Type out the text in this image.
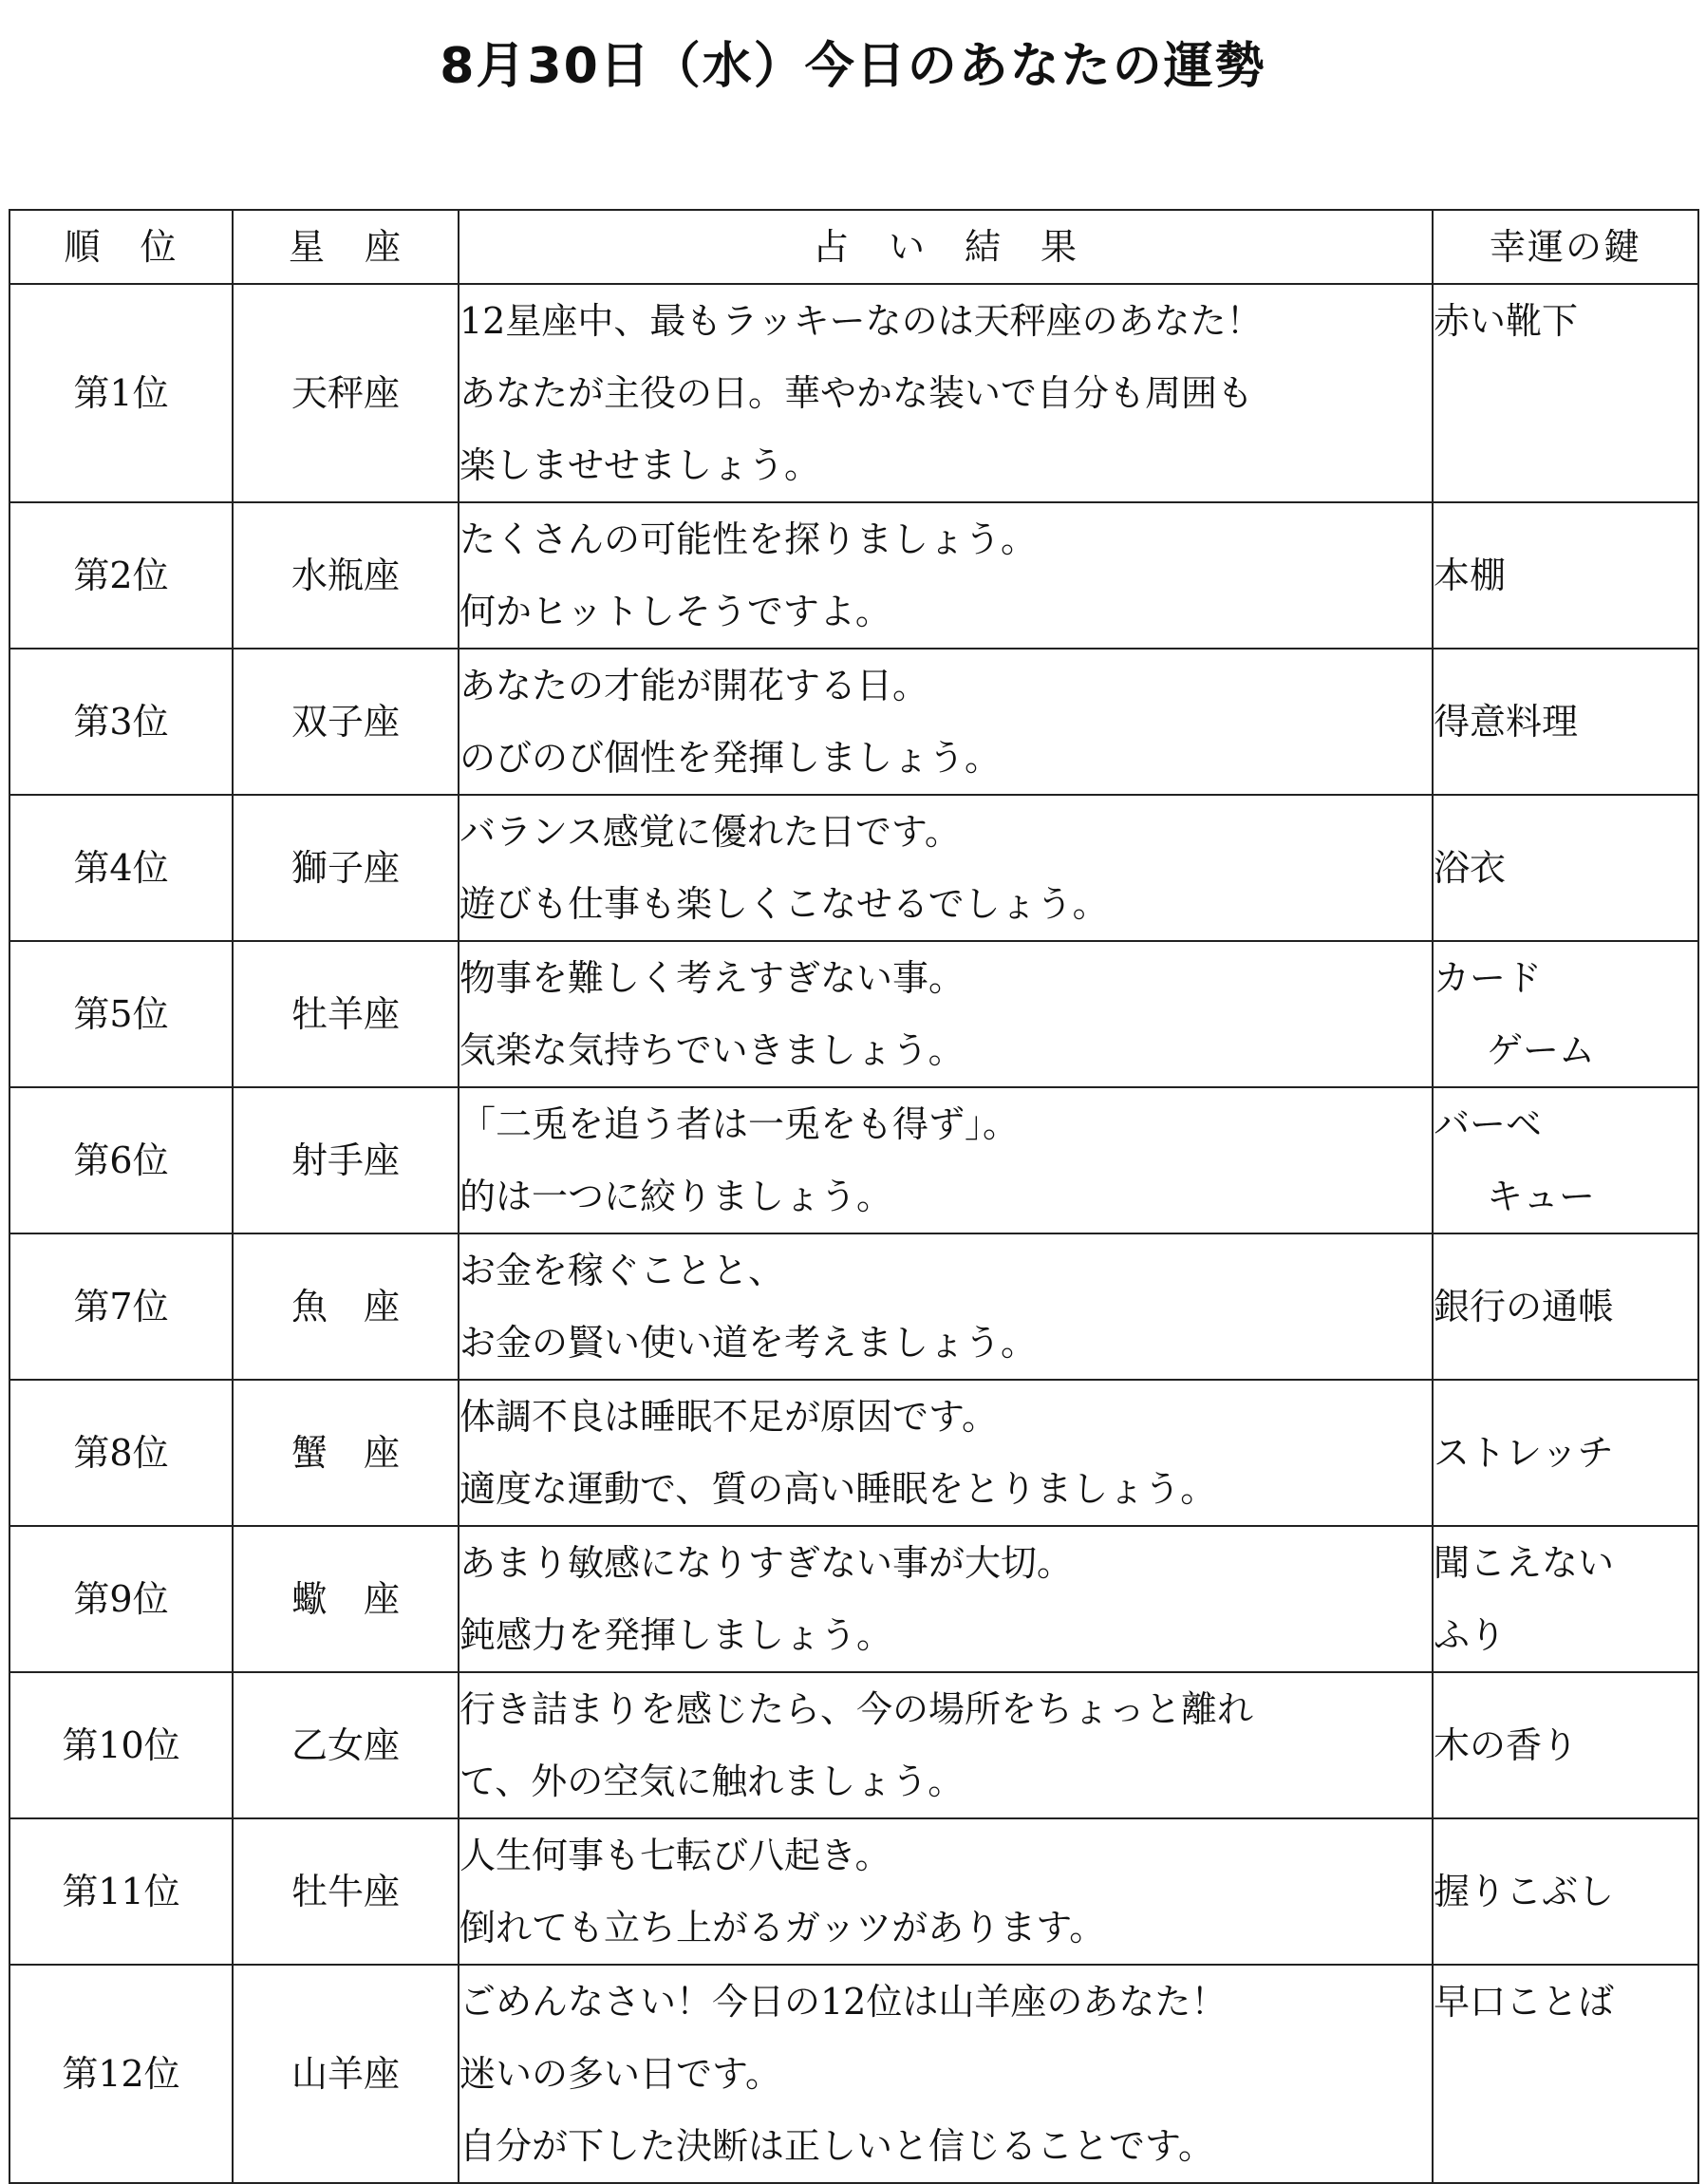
8月30日（水）今日のあなたの運勢
順　位	星　座	占　い　結　果	幸運の鍵
第1位	天秤座	12星座中、最もラッキーなのは天秤座のあなた！
あなたが主役の日。華やかな装いで自分も周囲も
楽しませせましょう。	赤い靴下

第2位	水瓶座	たくさんの可能性を探りましょう。
何かヒットしそうですよ。	本棚

第3位	双子座	あなたの才能が開花する日。
のびのび個性を発揮しましょう。	得意料理

第4位	獅子座	バランス感覚に優れた日です。
遊びも仕事も楽しくこなせるでしょう。	浴衣

第5位	牡羊座	物事を難しく考えすぎない事。
気楽な気持ちでいきましょう。	カード
ゲーム

第6位	射手座	「二兎を追う者は一兎をも得ず」。
的は一つに絞りましょう。	バーベ
キュー

第7位	魚　座	お金を稼ぐことと、
お金の賢い使い道を考えましょう。	銀行の通帳

第8位	蟹　座	体調不良は睡眠不足が原因です。
適度な運動で、質の高い睡眠をとりましょう。	ストレッチ

第9位	蠍　座	あまり敏感になりすぎない事が大切。
鈍感力を発揮しましょう。	聞こえない
ふり

第10位	乙女座	行き詰まりを感じたら、今の場所をちょっと離れ
て、外の空気に触れましょう。	木の香り

第11位	牡牛座	人生何事も七転び八起き。
倒れても立ち上がるガッツがあります。	握りこぶし

第12位	山羊座	ごめんなさい！今日の12位は山羊座のあなた！
迷いの多い日です。
自分が下した決断は正しいと信じることです。	早口ことば
